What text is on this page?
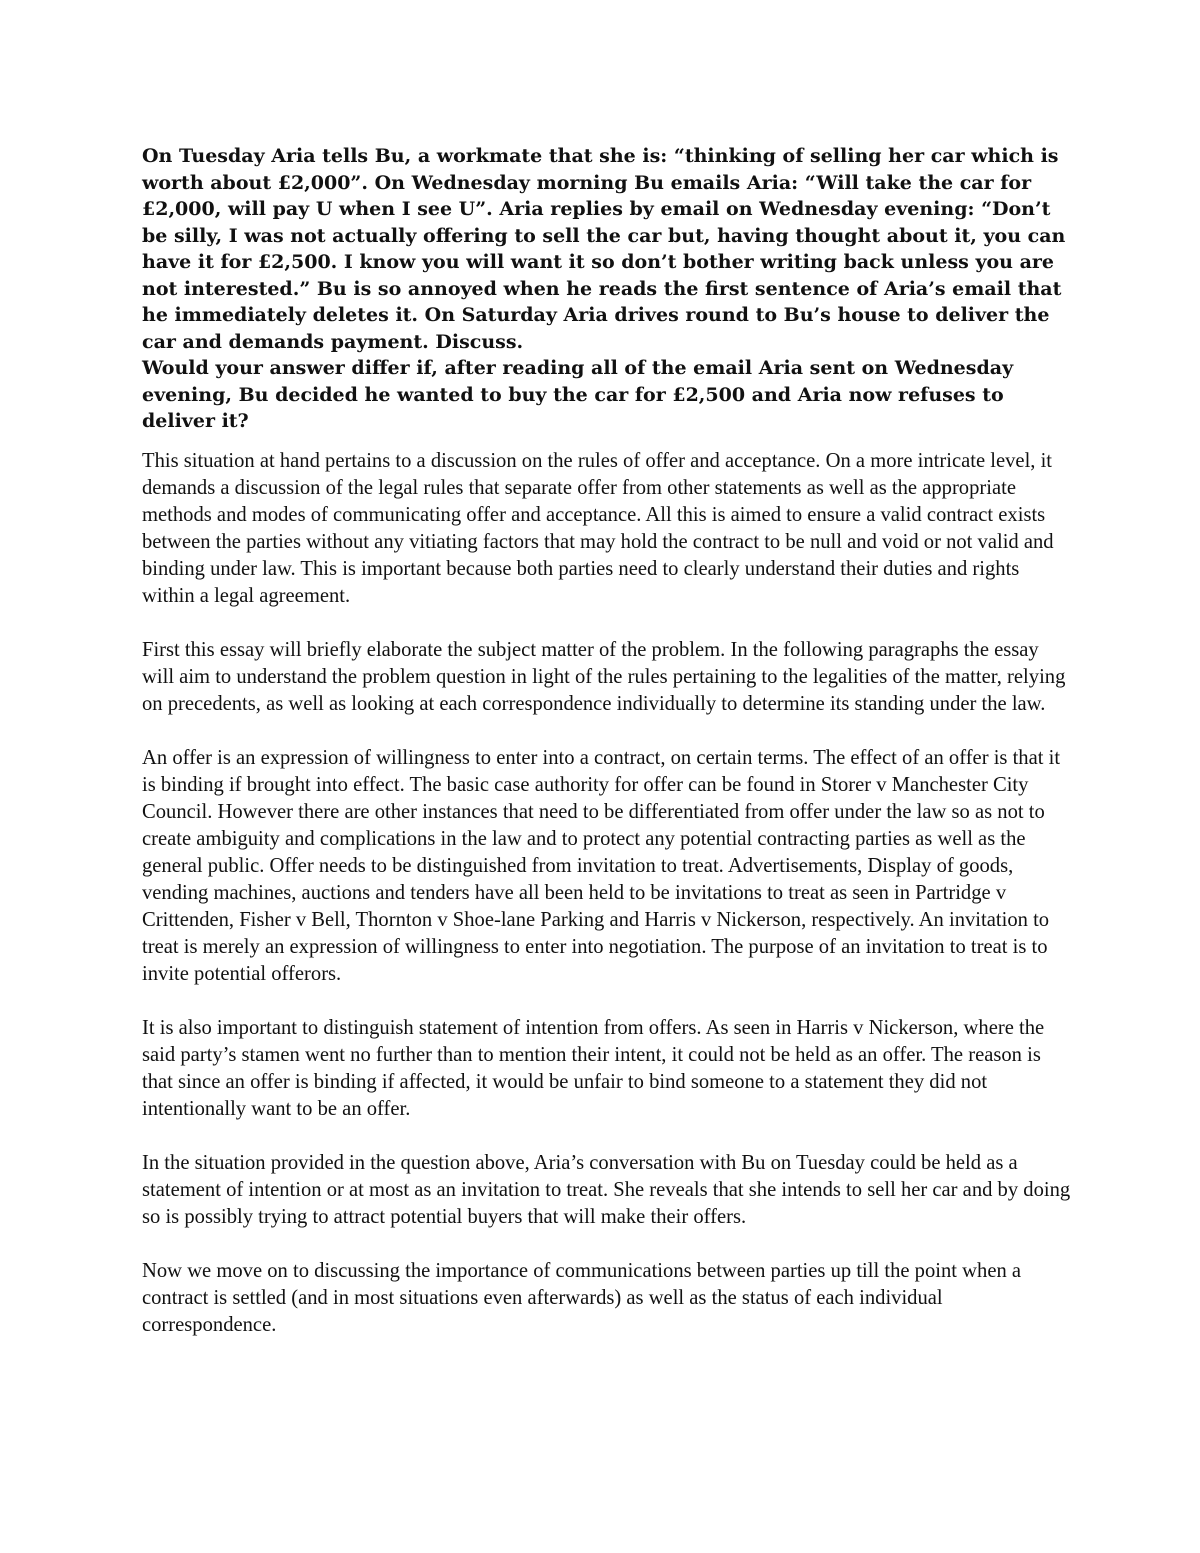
On Tuesday Aria tells Bu, a workmate that she is: “thinking of selling her car which is worth about £2,000”. On Wednesday morning Bu emails Aria: “Will take the car for £2,000, will pay U when I see U”. Aria replies by email on Wednesday evening: “Don’t be silly, I was not actually offering to sell the car but, having thought about it, you can have it for £2,500. I know you will want it so don’t bother writing back unless you are not interested.” Bu is so annoyed when he reads the first sentence of Aria’s email that he immediately deletes it. On Saturday Aria drives round to Bu’s house to deliver the car and demands payment. Discuss.

Would your answer differ if, after reading all of the email Aria sent on Wednesday evening, Bu decided he wanted to buy the car for £2,500 and Aria now refuses to deliver it?

This situation at hand pertains to a discussion on the rules of offer and acceptance. On a more intricate level, it demands a discussion of the legal rules that separate offer from other statements as well as the appropriate methods and modes of communicating offer and acceptance. All this is aimed to ensure a valid contract exists between the parties without any vitiating factors that may hold the contract to be null and void or not valid and binding under law. This is important because both parties need to clearly understand their duties and rights within a legal agreement.

First this essay will briefly elaborate the subject matter of the problem. In the following paragraphs the essay will aim to understand the problem question in light of the rules pertaining to the legalities of the matter, relying on precedents, as well as looking at each correspondence individually to determine its standing under the law.

An offer is an expression of willingness to enter into a contract, on certain terms. The effect of an offer is that it is binding if brought into effect. The basic case authority for offer can be found in Storer v Manchester City Council. However there are other instances that need to be differentiated from offer under the law so as not to create ambiguity and complications in the law and to protect any potential contracting parties as well as the general public. Offer needs to be distinguished from invitation to treat. Advertisements, Display of goods, vending machines, auctions and tenders have all been held to be invitations to treat as seen in Partridge v Crittenden, Fisher v Bell, Thornton v Shoe-lane Parking and Harris v Nickerson, respectively. An invitation to treat is merely an expression of willingness to enter into negotiation. The purpose of an invitation to treat is to invite potential offerors.

It is also important to distinguish statement of intention from offers. As seen in Harris v Nickerson, where the said party’s stamen went no further than to mention their intent, it could not be held as an offer. The reason is that since an offer is binding if affected, it would be unfair to bind someone to a statement they did not intentionally want to be an offer.

In the situation provided in the question above, Aria’s conversation with Bu on Tuesday could be held as a statement of intention or at most as an invitation to treat. She reveals that she intends to sell her car and by doing so is possibly trying to attract potential buyers that will make their offers.

Now we move on to discussing the importance of communications between parties up till the point when a contract is settled (and in most situations even afterwards) as well as the status of each individual correspondence.
